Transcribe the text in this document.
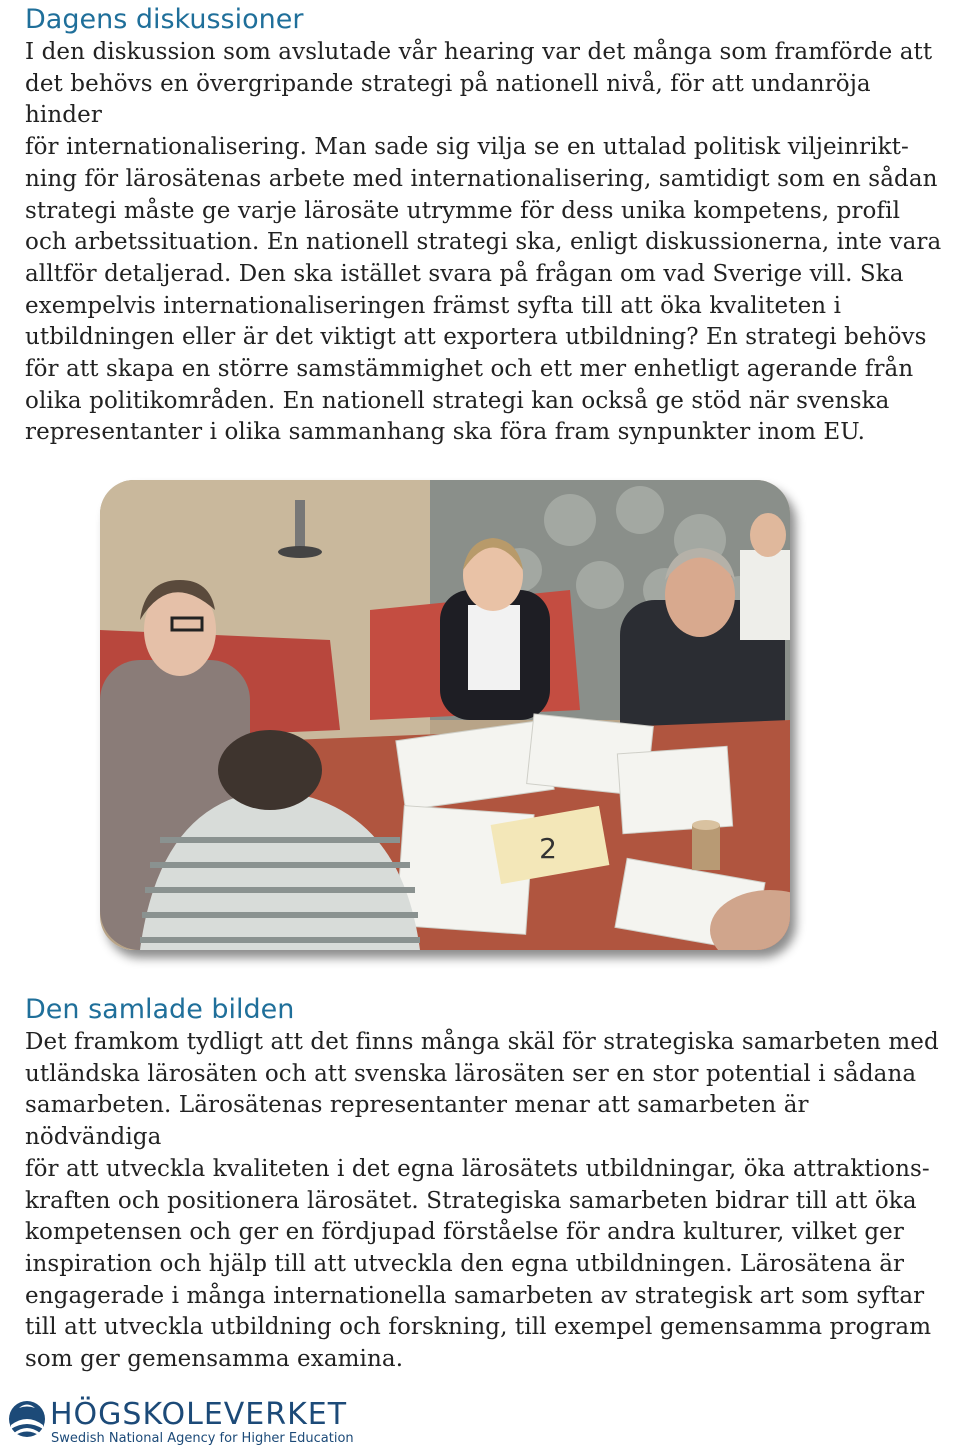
Dagens diskussioner
I den diskussion som avslutade vår hearing var det många som framförde att
det behövs en övergripande strategi på nationell nivå, för att undanröja hinder
för internationalisering. Man sade sig vilja se en uttalad politisk viljeinrikt-
ning för lärosätenas arbete med internationalisering, samtidigt som en sådan
strategi måste ge varje lärosäte utrymme för dess unika kompetens, profil
och arbetssituation. En nationell strategi ska, enligt diskussionerna, inte vara
alltför detaljerad. Den ska istället svara på frågan om vad Sverige vill. Ska
exempelvis internationaliseringen främst syfta till att öka kvaliteten i
utbildningen eller är det viktigt att exportera utbildning? En strategi behövs
för att skapa en större samstämmighet och ett mer enhetligt agerande från
olika politikområden. En nationell strategi kan också ge stöd när svenska
representanter i olika sammanhang ska föra fram synpunkter inom EU.
2
Den samlade bilden
Det framkom tydligt att det finns många skäl för strategiska samarbeten med
utländska lärosäten och att svenska lärosäten ser en stor potential i sådana
samarbeten. Lärosätenas representanter menar att samarbeten är nödvändiga
för att utveckla kvaliteten i det egna lärosätets utbildningar, öka attraktions-
kraften och positionera lärosätet. Strategiska samarbeten bidrar till att öka
kompetensen och ger en fördjupad förståelse för andra kulturer, vilket ger
inspiration och hjälp till att utveckla den egna utbildningen. Lärosätena är
engagerade i många internationella samarbeten av strategisk art som syftar
till att utveckla utbildning och forskning, till exempel gemensamma program
som ger gemensamma examina.
HÖGSKOLEVERKET
Swedish National Agency for Higher Education
